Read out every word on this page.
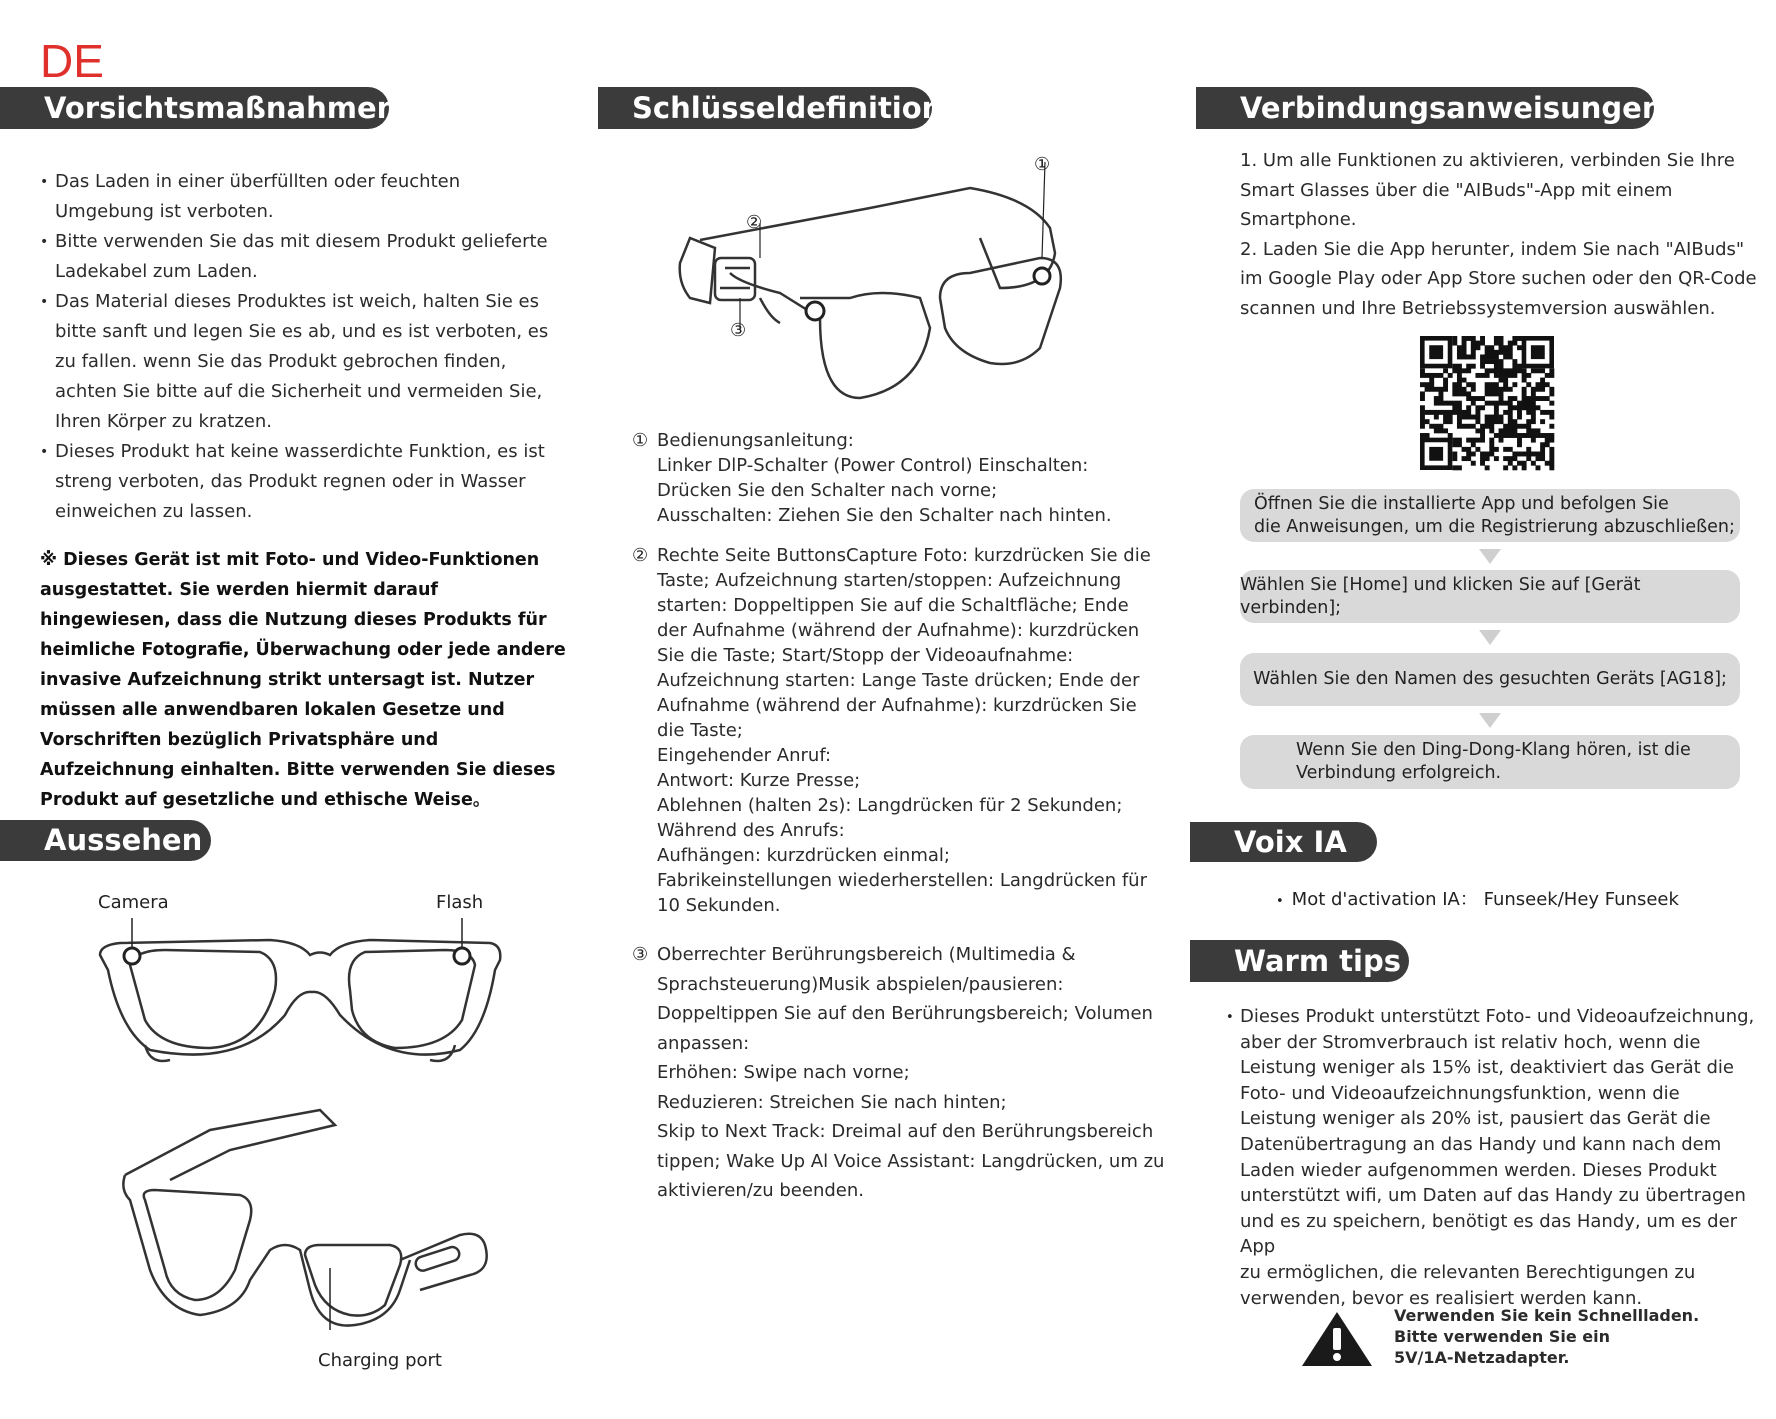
DE
Vorsichtsmaßnahmen
• Das Laden in einer überfüllten oder feuchten Umgebung ist verboten.
• Bitte verwenden Sie das mit diesem Produkt gelieferte Ladekabel zum Laden.
• Das Material dieses Produktes ist weich, halten Sie es bitte sanft und legen Sie es ab, und es ist verboten, es zu fallen. wenn Sie das Produkt gebrochen finden, achten Sie bitte auf die Sicherheit und vermeiden Sie, Ihren Körper zu kratzen.
• Dieses Produkt hat keine wasserdichte Funktion, es ist streng verboten, das Produkt regnen oder in Wasser einweichen zu lassen.
※ Dieses Gerät ist mit Foto- und Video-Funktionen ausgestattet. Sie werden hiermit darauf hingewiesen, dass die Nutzung dieses Produkts für heimliche Fotografie, Überwachung oder jede andere invasive Aufzeichnung strikt untersagt ist. Nutzer müssen alle anwendbaren lokalen Gesetze und Vorschriften bezüglich Privatsphäre und Aufzeichnung einhalten. Bitte verwenden Sie dieses Produkt auf gesetzliche und ethische Weise。
Aussehen
Camera	Flash
Charging port
Schlüsseldefinition
①
②
③
① Bedienungsanleitung:
Linker DlP-Schalter (Power Control) Einschalten:
Drücken Sie den Schalter nach vorne;
Ausschalten: Ziehen Sie den Schalter nach hinten.
② Rechte Seite ButtonsCapture Foto: kurzdrücken Sie die
Taste; Aufzeichnung starten/stoppen: Aufzeichnung
starten: Doppeltippen Sie auf die Schaltfläche; Ende
der Aufnahme (während der Aufnahme): kurzdrücken
Sie die Taste; Start/Stopp der Videoaufnahme:
Aufzeichnung starten: Lange Taste drücken; Ende der
Aufnahme (während der Aufnahme): kurzdrücken Sie
die Taste;
Eingehender Anruf:
Antwort: Kurze Presse;
Ablehnen (halten 2s): Langdrücken für 2 Sekunden;
Während des Anrufs:
Aufhängen: kurzdrücken einmal;
Fabrikeinstellungen wiederherstellen: Langdrücken für
10 Sekunden.
③ Oberrechter Berührungsbereich (Multimedia &
Sprachsteuerung)Musik abspielen/pausieren:
Doppeltippen Sie auf den Berührungsbereich; Volumen
anpassen:
Erhöhen: Swipe nach vorne;
Reduzieren: Streichen Sie nach hinten;
Skip to Next Track: Dreimal auf den Berührungsbereich
tippen; Wake Up Al Voice Assistant: Langdrücken, um zu
aktivieren/zu beenden.
Verbindungsanweisungen
1. Um alle Funktionen zu aktivieren, verbinden Sie Ihre
Smart Glasses über die "AIBuds"-App mit einem
Smartphone.
2. Laden Sie die App herunter, indem Sie nach "AIBuds"
im Google Play oder App Store suchen oder den QR-Code
scannen und Ihre Betriebssystemversion auswählen.
Öffnen Sie die installierte App und befolgen Sie
die Anweisungen, um die Registrierung abzuschließen;
Wählen Sie [Home] und klicken Sie auf [Gerät verbinden];
Wählen Sie den Namen des gesuchten Geräts [AG18];
Wenn Sie den Ding-Dong-Klang hören, ist die
Verbindung erfolgreich.
Voix IA
• Mot d'activation IA： Funseek/Hey Funseek
Warm tips
• Dieses Produkt unterstützt Foto- und Videoaufzeichnung,
aber der Stromverbrauch ist relativ hoch, wenn die
Leistung weniger als 15% ist, deaktiviert das Gerät die
Foto- und Videoaufzeichnungsfunktion, wenn die
Leistung weniger als 20% ist, pausiert das Gerät die
Datenübertragung an das Handy und kann nach dem
Laden wieder aufgenommen werden. Dieses Produkt
unterstützt wifi, um Daten auf das Handy zu übertragen
und es zu speichern, benötigt es das Handy, um es der App
zu ermöglichen, die relevanten Berechtigungen zu
verwenden, bevor es realisiert werden kann.
Verwenden Sie kein Schnellladen.
Bitte verwenden Sie ein
5V/1A-Netzadapter.
